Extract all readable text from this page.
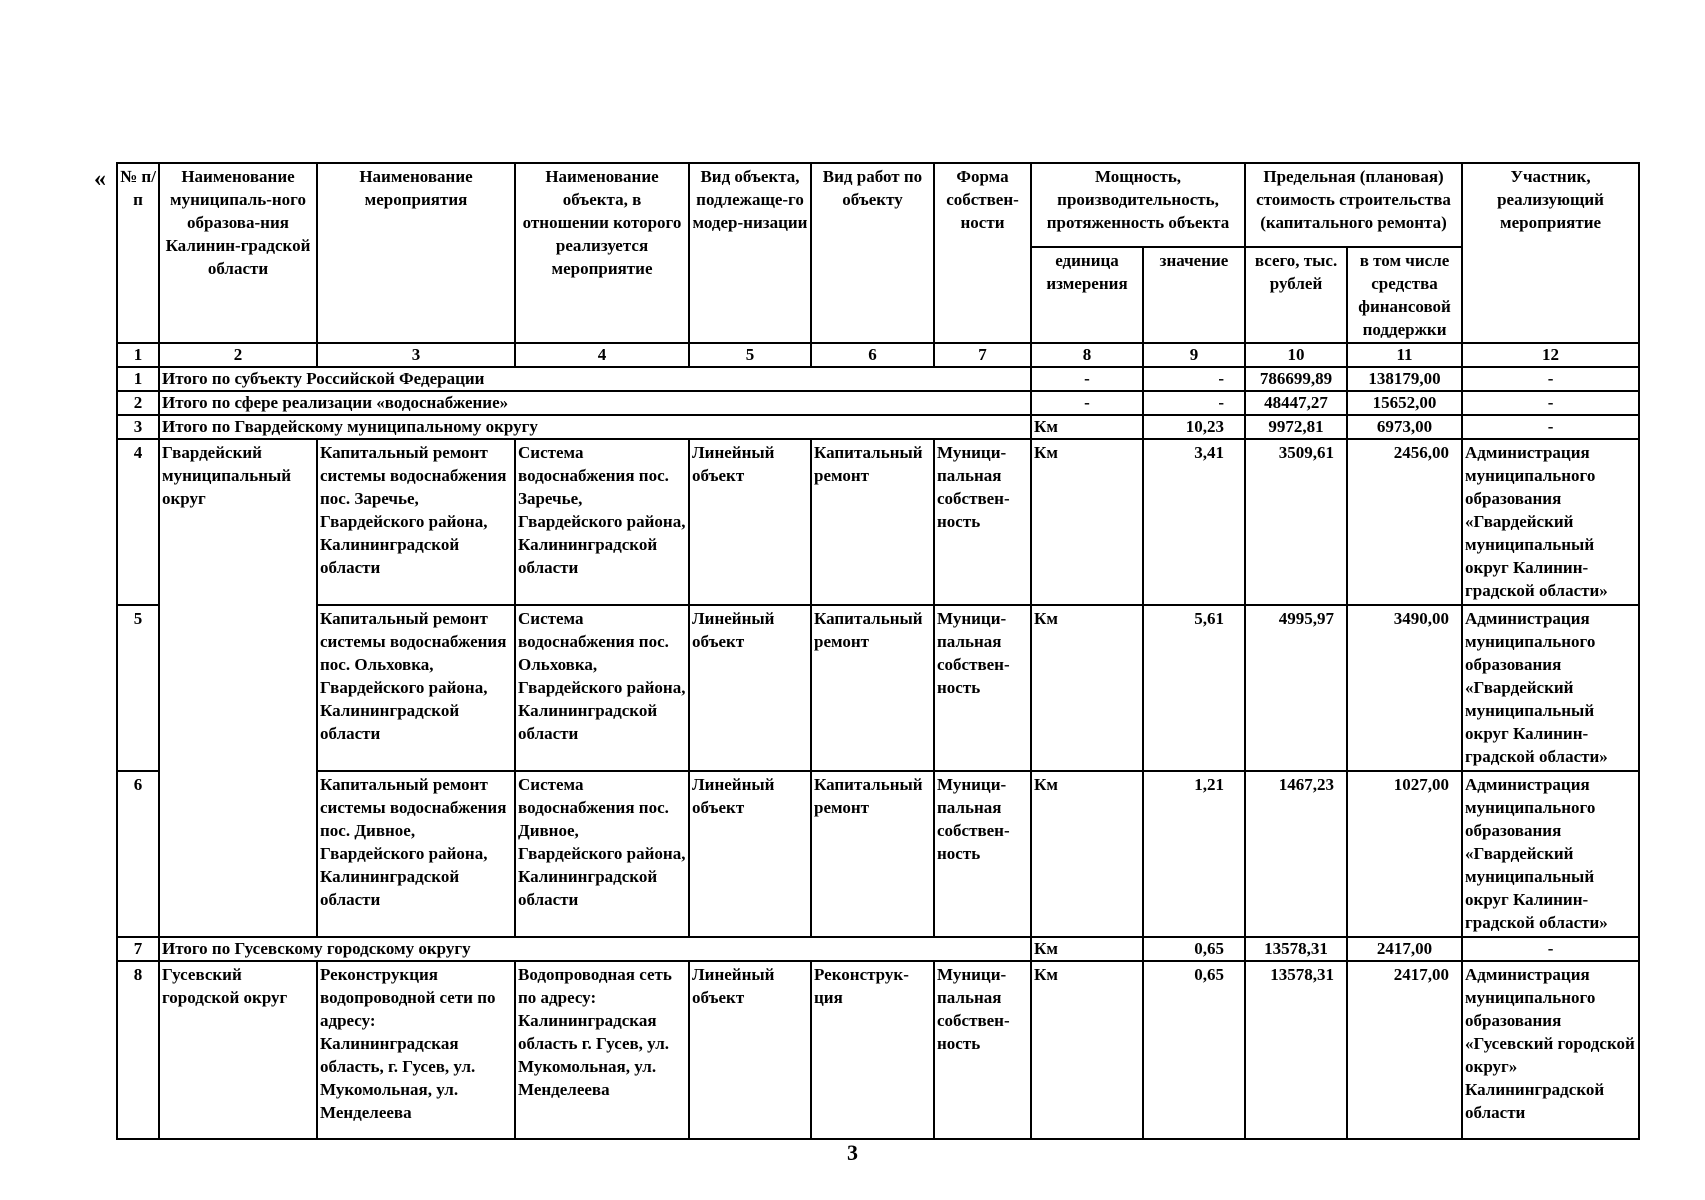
« № п/п	Наименование муниципаль-ного образова-ния Калинин-градской области	Наименование мероприятия	Наименование объекта, в отношении которого реализуется мероприятие	Вид объекта, подлежаще-го модер-низации	Вид работ по объекту	Форма собствен-ности	Мощность, производительность, протяженность объекта		Предельная (плановая) стоимость строительства (капитального ремонта)		Участник, реализующий мероприятие
							единица измерения	значение	всего, тыс. рублей	в том числе средства финансовой поддержки	
1	2	3	4	5	6	7	8	9	10	11	12
1	Итого по субъекту Российской Федерации						-	-	786699,89	138179,00	-
2	Итого по сфере реализации «водоснабжение»						-	-	48447,27	15652,00	-
3	Итого по Гвардейскому муниципальному округу						Км	10,23	9972,81	6973,00	-
4	Гвардейский муниципальный округ	Капитальный ремонт системы водоснабжения пос. Заречье, Гвардейского района, Калининградской области	Система водоснабжения пос. Заречье, Гвардейского района, Калининградской области	Линейный объект	Капитальный ремонт	Муници-пальная собствен-ность	Км	3,41	3509,61	2456,00	Администрация муниципального образования «Гвардейский муниципальный округ Калинин-градской области»
5		Капитальный ремонт системы водоснабжения пос. Ольховка, Гвардейского района, Калининградской области	Система водоснабжения пос. Ольховка, Гвардейского района, Калининградской области	Линейный объект	Капитальный ремонт	Муници-пальная собствен-ность	Км	5,61	4995,97	3490,00	Администрация муниципального образования «Гвардейский муниципальный округ Калинин-градской области»
6		Капитальный ремонт системы водоснабжения пос. Дивное, Гвардейского района, Калининградской области	Система водоснабжения пос. Дивное, Гвардейского района, Калининградской области	Линейный объект	Капитальный ремонт	Муници-пальная собствен-ность	Км	1,21	1467,23	1027,00	Администрация муниципального образования «Гвардейский муниципальный округ Калинин-градской области»
7	Итого по Гусевскому городскому округу						Км	0,65	13578,31	2417,00	-
8	Гусевский городской округ	Реконструкция водопроводной сети по адресу: Калининградская область, г. Гусев, ул. Мукомольная, ул. Менделеева	Водопроводная сеть по адресу: Калининградская область г. Гусев, ул. Мукомольная, ул. Менделеева	Линейный объект	Реконструк-ция	Муници-пальная собствен-ность	Км	0,65	13578,31	2417,00	Администрация муниципального образования «Гусевский городской округ» Калининградской области
3
